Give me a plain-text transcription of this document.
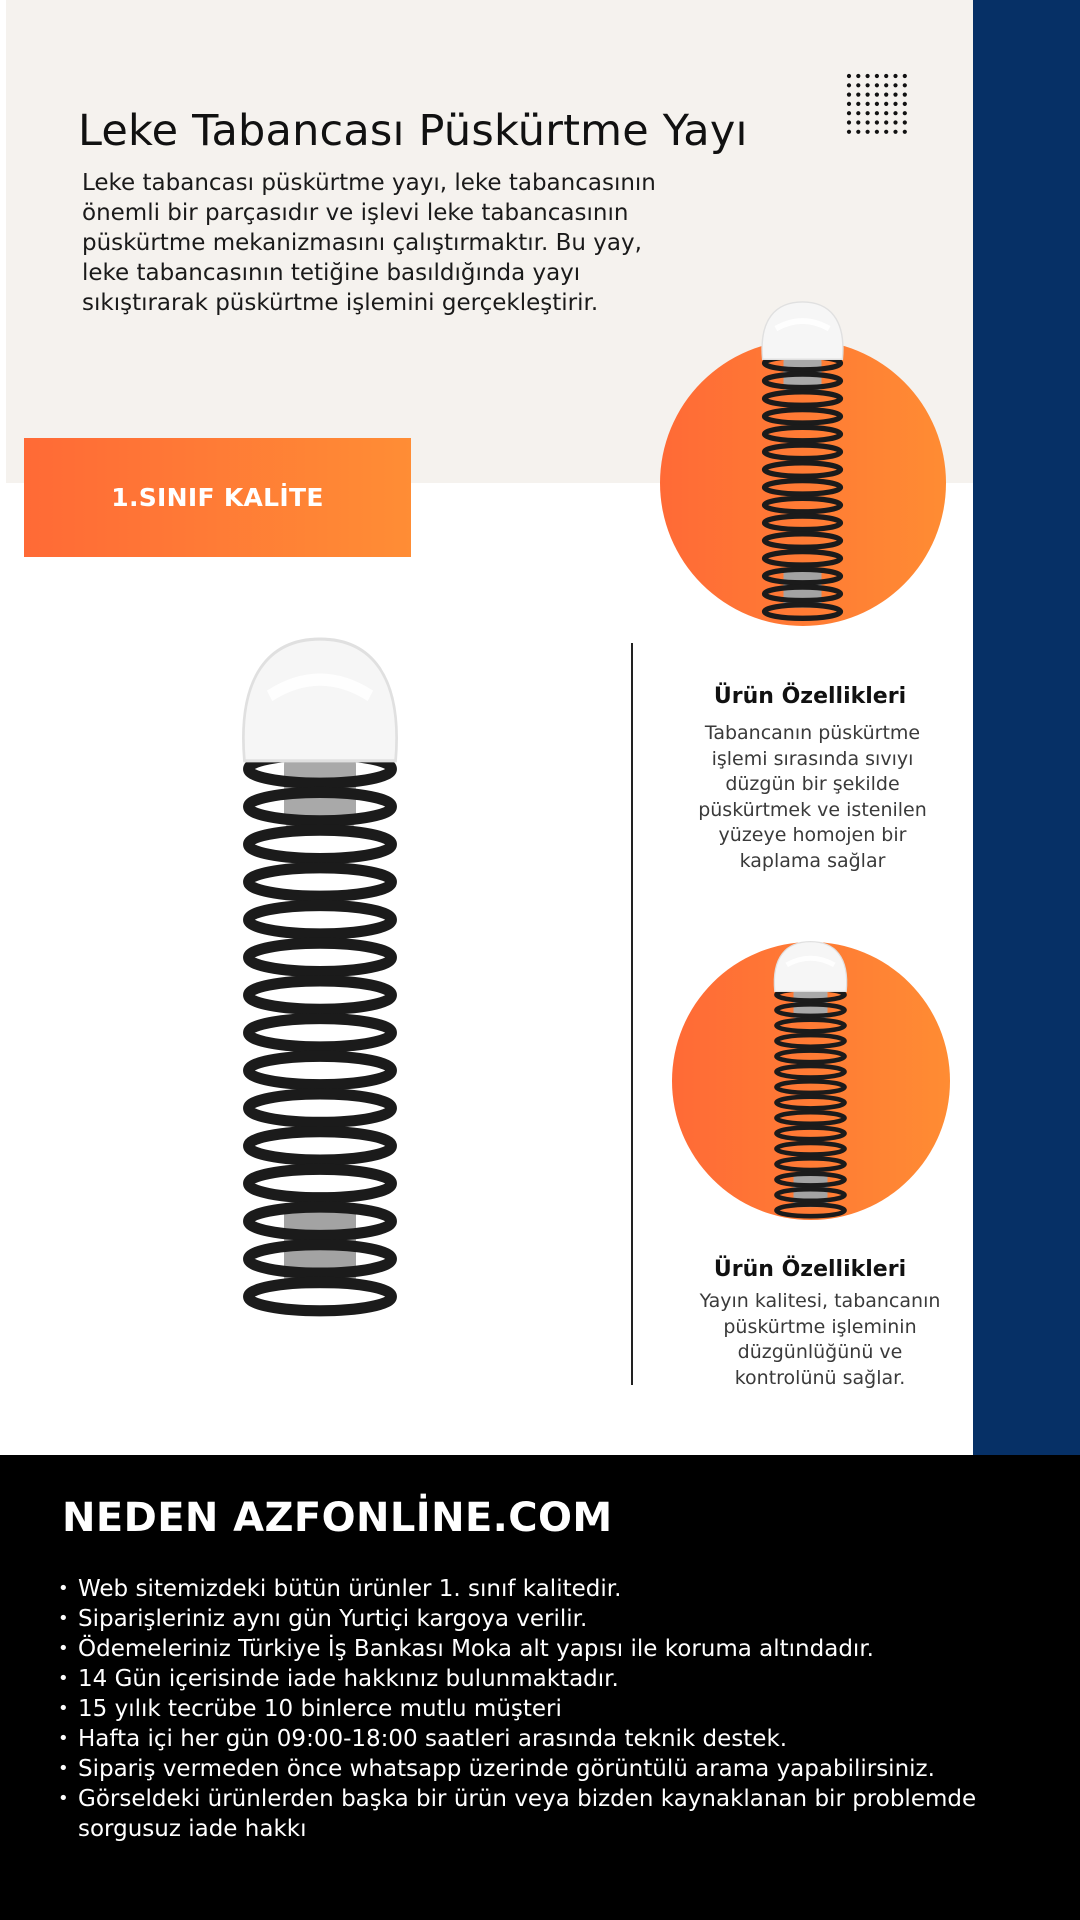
Leke Tabancası Püskürtme Yayı
Leke tabancası püskürtme yayı, leke tabancasının
önemli bir parçasıdır ve işlevi leke tabancasının
püskürtme mekanizmasını çalıştırmaktır. Bu yay,
leke tabancasının tetiğine basıldığında yayı
sıkıştırarak püskürtme işlemini gerçekleştirir.
1.SINIF KALİTE
Ürün Özellikleri
Tabancanın püskürtme
işlemi sırasında sıvıyı
düzgün bir şekilde
püskürtmek ve istenilen
yüzeye homojen bir
kaplama sağlar
Ürün Özellikleri
Yayın kalitesi, tabancanın
püskürtme işleminin
düzgünlüğünü ve
kontrolünü sağlar.
NEDEN AZFONLİNE.COM
• Web sitemizdeki bütün ürünler 1. sınıf kalitedir.
• Siparişleriniz aynı gün Yurtiçi kargoya verilir.
• Ödemeleriniz Türkiye İş Bankası Moka alt yapısı ile koruma altındadır.
• 14 Gün içerisinde iade hakkınız bulunmaktadır.
• 15 yılık tecrübe 10 binlerce mutlu müşteri
• Hafta içi her gün 09:00-18:00 saatleri arasında teknik destek.
• Sipariş vermeden önce whatsapp üzerinde görüntülü arama yapabilirsiniz.
• Görseldeki ürünlerden başka bir ürün veya bizden kaynaklanan bir problemde sorgusuz iade hakkı
